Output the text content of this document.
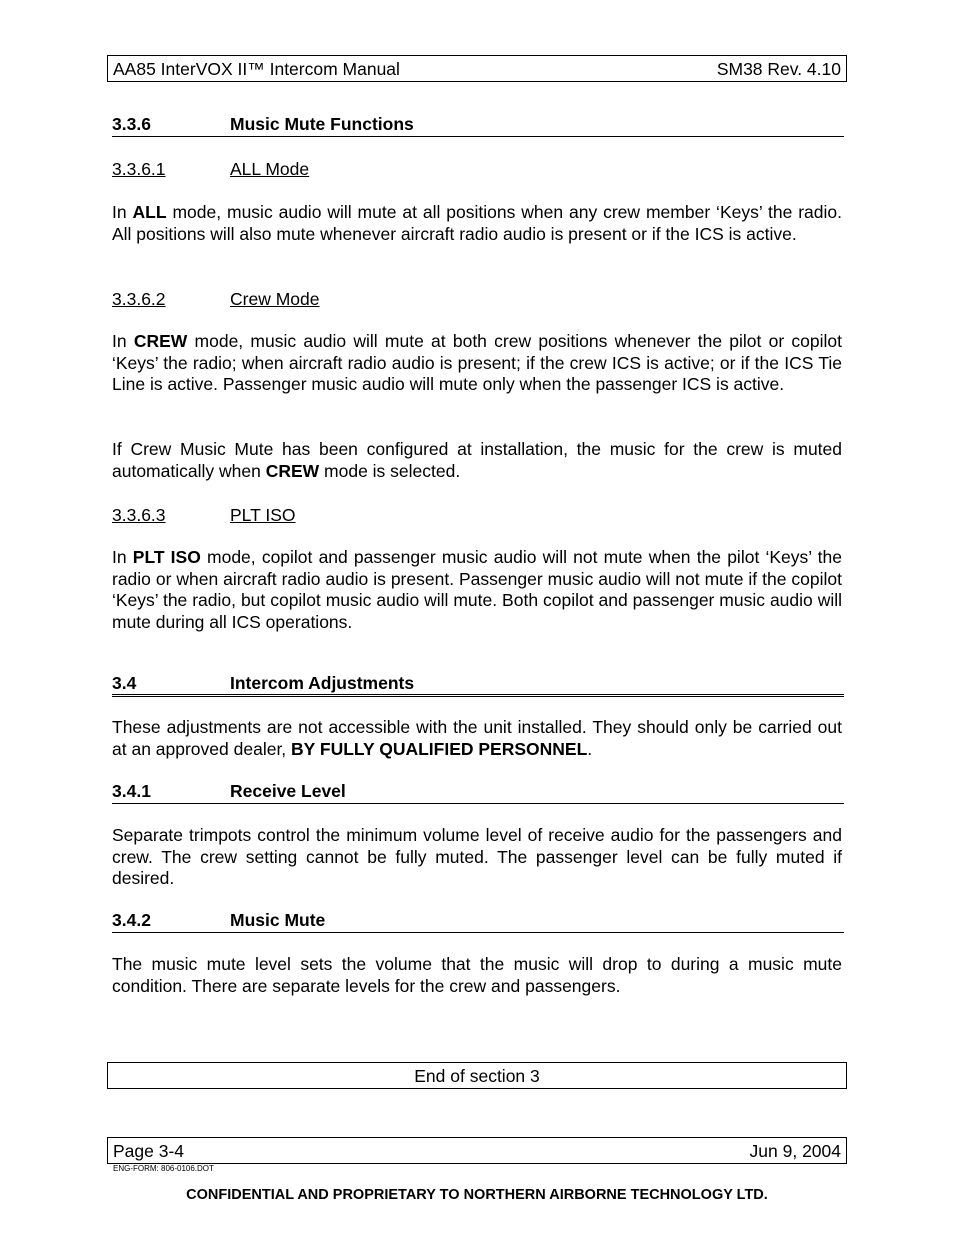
AA85 InterVOX II™ Intercom Manual	SM38 Rev. 4.10
3.3.6	Music Mute Functions
3.3.6.1	ALL Mode
In ALL mode, music audio will mute at all positions when any crew member ‘Keys’ the radio. All positions will also mute whenever aircraft radio audio is present or if the ICS is active.
3.3.6.2	Crew Mode
In CREW mode, music audio will mute at both crew positions whenever the pilot or copilot ‘Keys’ the radio; when aircraft radio audio is present; if the crew ICS is active; or if the ICS Tie Line is active. Passenger music audio will mute only when the passenger ICS is active.
If Crew Music Mute has been configured at installation, the music for the crew is muted automatically when CREW mode is selected.
3.3.6.3	PLT ISO
In PLT ISO mode, copilot and passenger music audio will not mute when the pilot ‘Keys’ the radio or when aircraft radio audio is present. Passenger music audio will not mute if the copilot ‘Keys’ the radio, but copilot music audio will mute. Both copilot and passenger music audio will mute during all ICS operations.
3.4	Intercom Adjustments
These adjustments are not accessible with the unit installed. They should only be carried out at an approved dealer, BY FULLY QUALIFIED PERSONNEL.
3.4.1	Receive Level
Separate trimpots control the minimum volume level of receive audio for the passengers and crew. The crew setting cannot be fully muted. The passenger level can be fully muted if desired.
3.4.2	Music Mute
The music mute level sets the volume that the music will drop to during a music mute condition. There are separate levels for the crew and passengers.
End of section 3
Page 3-4	Jun 9, 2004
ENG-FORM: 806-0106.DOT
CONFIDENTIAL AND PROPRIETARY TO NORTHERN AIRBORNE TECHNOLOGY LTD.
